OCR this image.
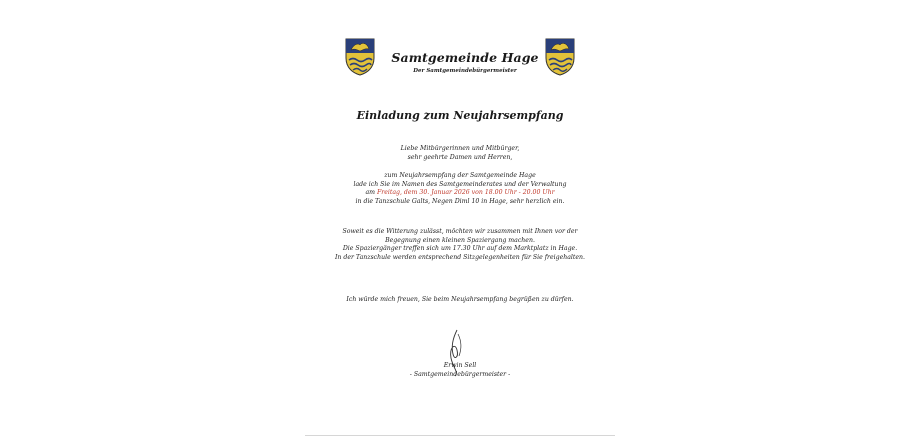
Samtgemeinde Hage
Der Samtgemeindebürgermeister
Einladung zum Neujahrsempfang
Liebe Mitbürgerinnen und Mitbürger,
sehr geehrte Damen und Herren,
zum Neujahrsempfang der Samtgemeinde Hage
lade ich Sie im Namen des Samtgemeinderates und der Verwaltung
am Freitag, dem 30. Januar 2026 von 18.00 Uhr - 20.00 Uhr
in die Tanzschule Galts, Negen Diml 10 in Hage, sehr herzlich ein.
Soweit es die Witterung zulässt, möchten wir zusammen mit Ihnen vor der
Begegnung einen kleinen Spaziergang machen.
Die Spaziergänger treffen sich um 17.30 Uhr auf dem Marktplatz in Hage.
In der Tanzschule werden entsprechend Sitzgelegenheiten für Sie freigehalten.
Ich würde mich freuen, Sie beim Neujahrsempfang begrüßen zu dürfen.
Erwin Sell
- Samtgemeindebürgermeister -
